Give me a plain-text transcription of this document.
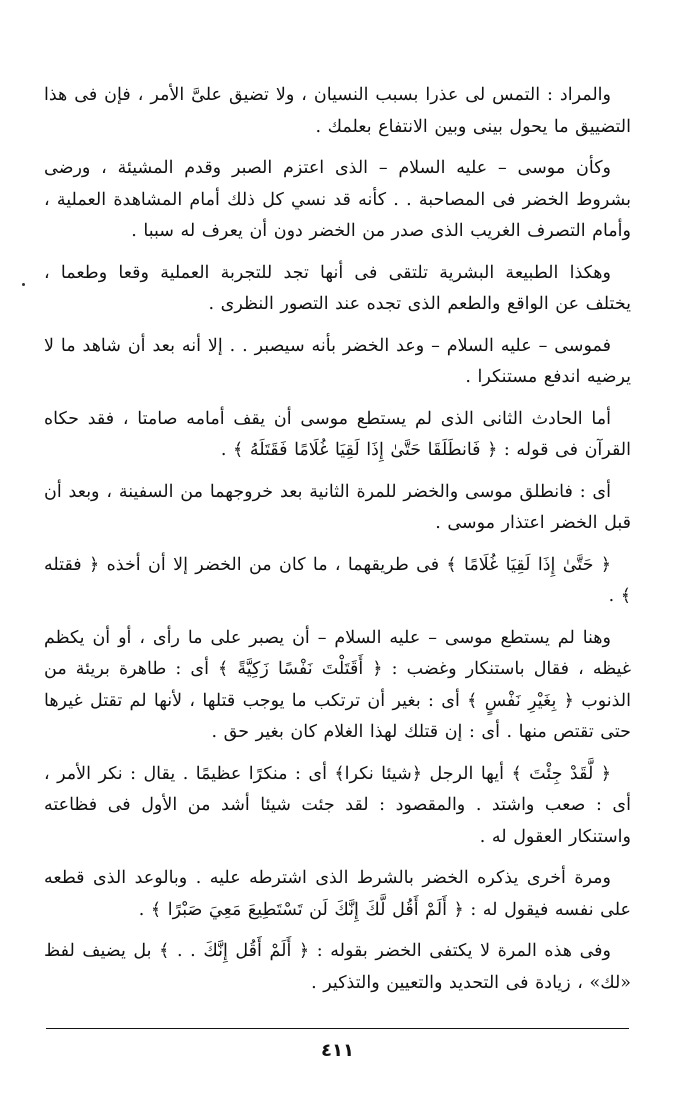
والمراد : التمس لى عذرا بسبب النسيان ، ولا تضيق علىَّ الأمر ، فإن فى هذا التضييق ما يحول بينى وبين الانتفاع بعلمك .

وكأن موسى – عليه السلام – الذى اعتزم الصبر وقدم المشيئة ، ورضى بشروط الخضر فى المصاحبة . . كأنه قد نسي كل ذلك أمام المشاهدة العملية ، وأمام التصرف الغريب الذى صدر من الخضر دون أن يعرف له سببا .

وهكذا الطبيعة البشرية تلتقى فى أنها تجد للتجربة العملية وقعا وطعما ، يختلف عن الواقع والطعم الذى تجده عند التصور النظرى .

فموسى – عليه السلام – وعد الخضر بأنه سيصبر . . إلا أنه بعد أن شاهد ما لا يرضيه اندفع مستنكرا .

أما الحادث الثانى الذى لم يستطع موسى أن يقف أمامه صامتا ، فقد حكاه القرآن فى قوله : ﴿ فَانطَلَقَا حَتَّىٰ إِذَا لَقِيَا غُلَامًا فَقَتَلَهُ ﴾ .

أى : فانطلق موسى والخضر للمرة الثانية بعد خروجهما من السفينة ، وبعد أن قبل الخضر اعتذار موسى .

﴿ حَتَّىٰ إِذَا لَقِيَا غُلَامًا ﴾ فى طريقهما ، ما كان من الخضر إلا أن أخذه ﴿ فقتله ﴾ .

وهنا لم يستطع موسى – عليه السلام – أن يصبر على ما رأى ، أو أن يكظم غيظه ، فقال باستنكار وغضب : ﴿ أَقَتَلْتَ نَفْسًا زَكِيَّةً ﴾ أى : طاهرة بريئة من الذنوب ﴿ بِغَيْرِ نَفْسٍ ﴾ أى : بغير أن ترتكب ما يوجب قتلها ، لأنها لم تقتل غيرها حتى تقتص منها . أى : إن قتلك لهذا الغلام كان بغير حق .

﴿ لَّقَدْ جِئْتَ ﴾ أيها الرجل ﴿شيئا نكرا﴾ أى : منكرًا عظيمًا . يقال : نكر الأمر ، أى : صعب واشتد . والمقصود : لقد جئت شيئا أشد من الأول فى فظاعته واستنكار العقول له .

ومرة أخرى يذكره الخضر بالشرط الذى اشترطه عليه . وبالوعد الذى قطعه على نفسه فيقول له : ﴿ أَلَمْ أَقُل لَّكَ إِنَّكَ لَن تَسْتَطِيعَ مَعِيَ صَبْرًا ﴾ .

وفى هذه المرة لا يكتفى الخضر بقوله : ﴿ أَلَمْ أَقُل إِنَّكَ . . ﴾ بل يضيف لفظ «لك» ، زيادة فى التحديد والتعيين والتذكير .

٤١١
